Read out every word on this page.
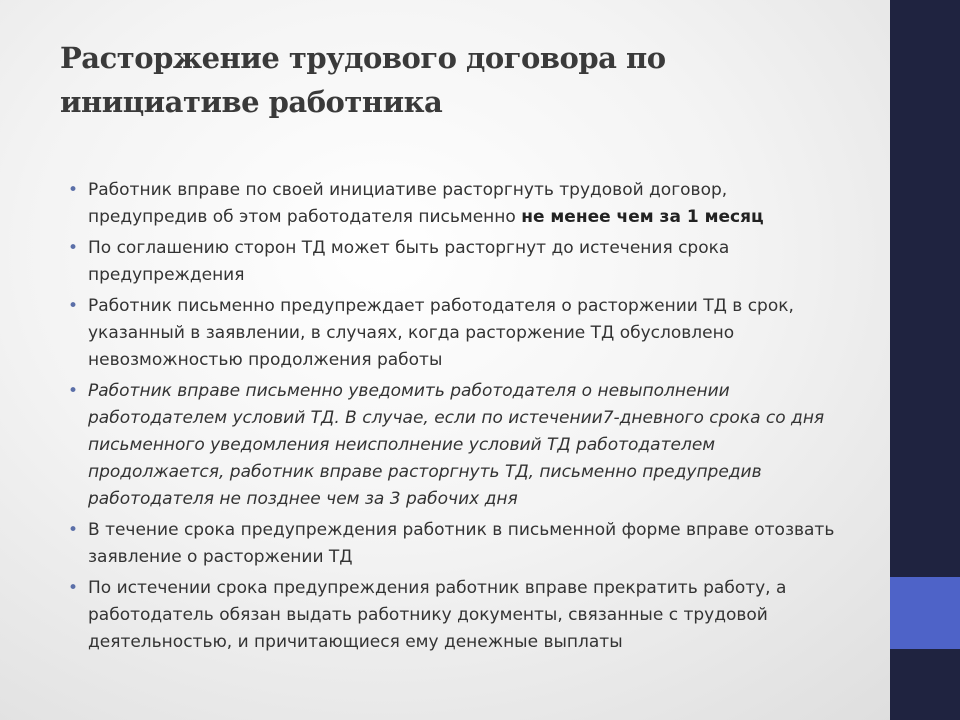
Расторжение трудового договора по
инициативе работника
• Работник вправе по своей инициативе расторгнуть трудовой договор, предупредив об этом работодателя письменно не менее чем за 1 месяц
• По соглашению сторон ТД может быть расторгнут до истечения срока предупреждения
• Работник письменно предупреждает работодателя о расторжении ТД в срок, указанный в заявлении, в случаях, когда расторжение ТД обусловлено невозможностью продолжения работы
• Работник вправе письменно уведомить работодателя о невыполнении работодателем условий ТД. В случае, если по истечении7-дневного срока со дня письменного уведомления неисполнение условий ТД работодателем продолжается, работник вправе расторгнуть ТД, письменно предупредив работодателя не позднее чем за 3 рабочих дня
• В течение срока предупреждения работник в письменной форме вправе отозвать заявление о расторжении ТД
• По истечении срока предупреждения работник вправе прекратить работу, а работодатель обязан выдать работнику документы, связанные с трудовой деятельностью, и причитающиеся ему денежные выплаты
